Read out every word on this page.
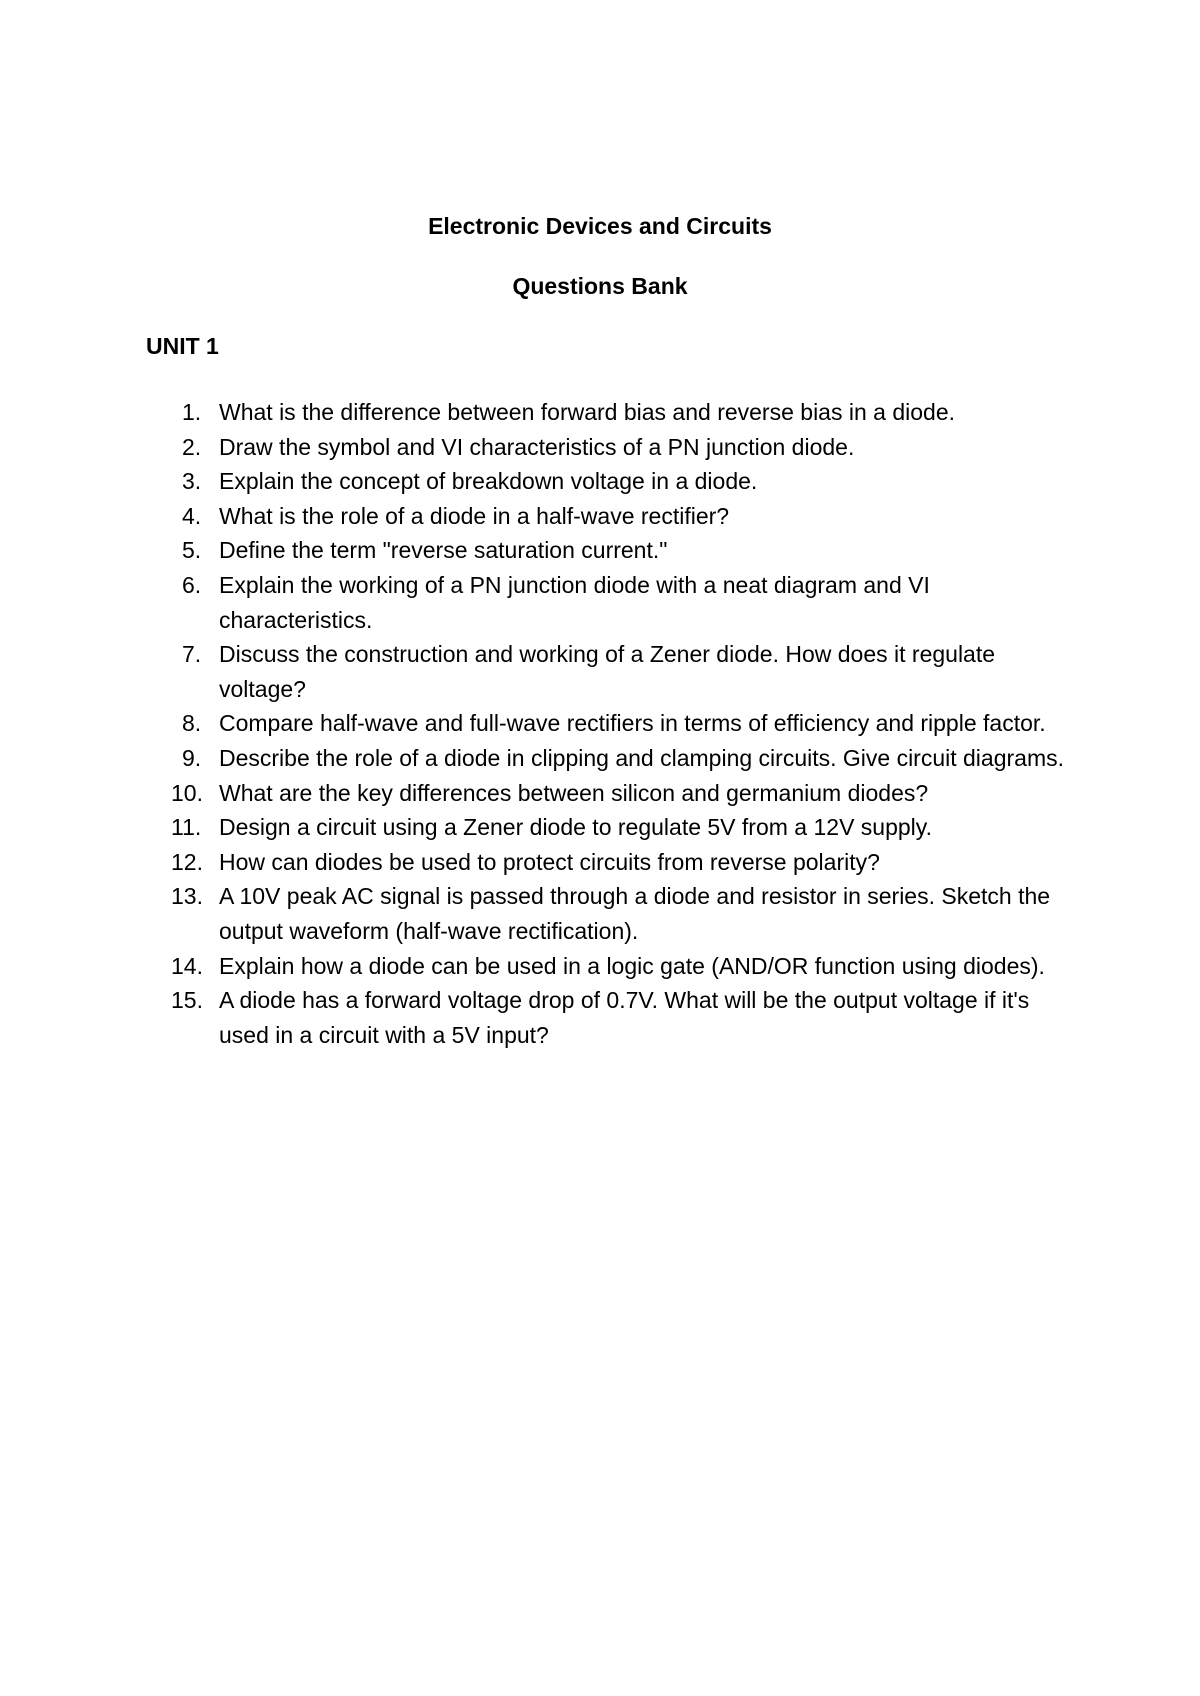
Electronic Devices and Circuits
Questions Bank
UNIT 1
1. What is the difference between forward bias and reverse bias in a diode.
2. Draw the symbol and VI characteristics of a PN junction diode.
3. Explain the concept of breakdown voltage in a diode.
4. What is the role of a diode in a half-wave rectifier?
5. Define the term "reverse saturation current."
6. Explain the working of a PN junction diode with a neat diagram and VI characteristics.
7. Discuss the construction and working of a Zener diode. How does it regulate voltage?
8. Compare half-wave and full-wave rectifiers in terms of efficiency and ripple factor.
9. Describe the role of a diode in clipping and clamping circuits. Give circuit diagrams.
10. What are the key differences between silicon and germanium diodes?
11. Design a circuit using a Zener diode to regulate 5V from a 12V supply.
12. How can diodes be used to protect circuits from reverse polarity?
13. A 10V peak AC signal is passed through a diode and resistor in series. Sketch the output waveform (half-wave rectification).
14. Explain how a diode can be used in a logic gate (AND/OR function using diodes).
15. A diode has a forward voltage drop of 0.7V. What will be the output voltage if it's used in a circuit with a 5V input?
